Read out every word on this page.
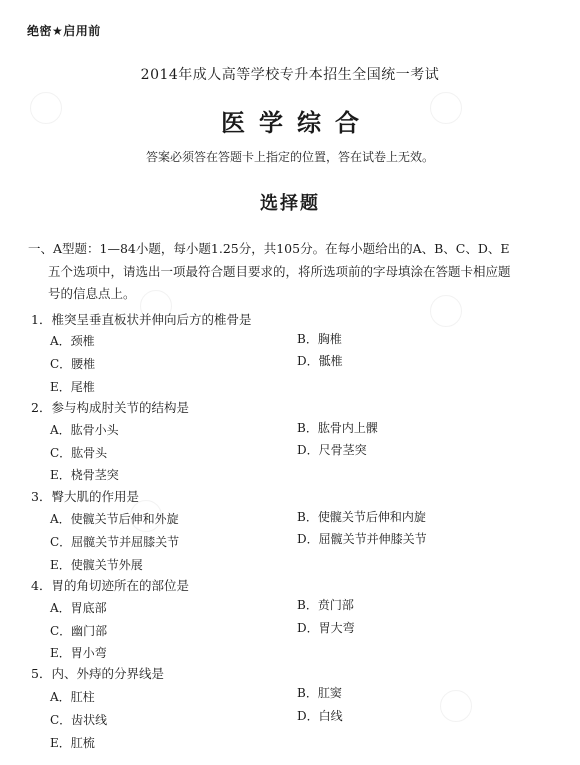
绝密★启用前
2014年成人高等学校专升本招生全国统一考试
医学综合
答案必须答在答题卡上指定的位置，答在试卷上无效。
选择题
一、A型题：1—84小题，每小题1.25分，共105分。在每小题给出的A、B、C、D、E
五个选项中，请选出一项最符合题目要求的，将所选项前的字母填涂在答题卡相应题
号的信息点上。
1．椎突呈垂直板状并伸向后方的椎骨是
A．颈椎	B．胸椎
C．腰椎	D．骶椎
E．尾椎
2．参与构成肘关节的结构是
A．肱骨小头	B．肱骨内上髁
C．肱骨头	D．尺骨茎突
E．桡骨茎突
3．臀大肌的作用是
A．使髋关节后伸和外旋	B．使髋关节后伸和内旋
C．屈髋关节并屈膝关节	D．屈髋关节并伸膝关节
E．使髋关节外展
4．胃的角切迹所在的部位是
A．胃底部	B．贲门部
C．幽门部	D．胃大弯
E．胃小弯
5．内、外痔的分界线是
A．肛柱	B．肛窦
C．齿状线	D．白线
E．肛梳
